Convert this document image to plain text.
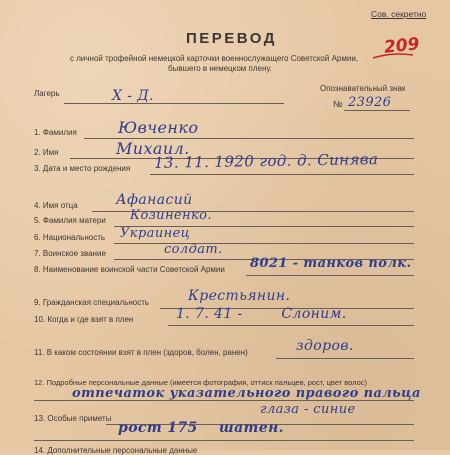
Сов. секретно
209
ПЕРЕВОД
с личной трофейной немецкой карточки военнослужащего Советской Армии,
бывшего в немецком плену.
Лагерь	Х - Д.	Опознавательный знак
№ 23926
1. Фамилия	Ювченко
2. Имя	Михаил.
3. Дата и место рождения 13. 11. 1920 год. д. Синява
4. Имя отца	Афанасий
5. Фамилия матери Козиненко.
6. Национальность Украинец
7. Воинское звание	солдат.
8. Наименование воинской части Советской Армии 8021 - танков полк.
9. Гражданская специальность	Крестьянин.
10. Когда и где взят в плен	1. 7. 41 -        Слоним.
11. В каком состоянии взят в плен (здоров, болен, ранен)	здоров.
12. Подробные персональные данные (имеется фотография, оттиск пальцев, рост, цвет волос)
отпечаток указательного правого пальца
13. Особые приметы
глаза - синие
рост 175    шатен.
14. Дополнительные персональные данные
